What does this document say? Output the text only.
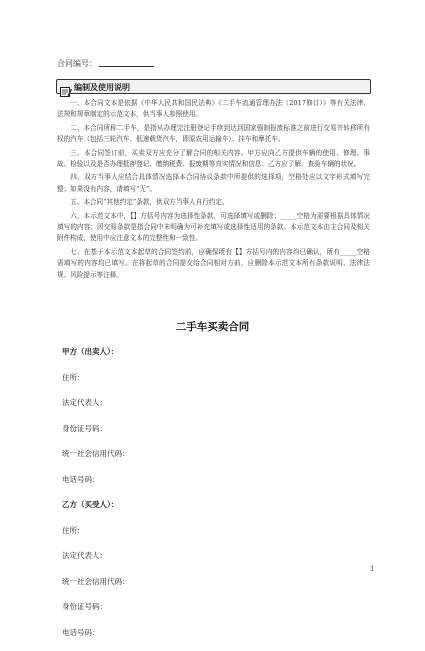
合同编号：
编制及使用说明

一、本合同文本是依据《中华人民共和国民法典》《二手车流通管理办法（2017修订）》等有关法律、法规和规章制定的示范文本，供当事人参照使用。

二、本合同所称二手车，是指从办理完注册登记手续到达到国家强制报废标准之前进行交易并转移所有权的汽车（包括三轮汽车、低速载货汽车，即原农用运输车）、挂车和摩托车。

三、本合同签订前，买卖双方应充分了解合同的相关内容。甲方应向乙方提供车辆的使用、修理、事故、检验以及是否办理抵押登记、缴纳税费、报废期等真实情况和信息；乙方应了解、查验车辆的状况。

四、双方当事人应结合具体情况选择本合同协议条款中所提供的选择项，空格处应以文字形式填写完整；如果没有内容，请填写“无”。

五、本合同“其他约定”条款，供双方当事人自行约定。

六、本示范文本中，【】方括号内容为选择性条款，可选择填写或删除；_____空格为需要根据具体情况填写的内容；因交易条款是指合同中未明确为可补充填写或选择性适用的条款。本示范文本由主合同及相关附件构成，使用中应注意文本的完整性和一致性。

七、在基于本示范文本起草的合同签约前，应确保所有【】方括号内的内容均已确认，所有_____空格需填写的内容均已填写。在将起草的合同提交给合同相对方前，应删除本示范文本所有条款说明、法律法规、风险提示等注释。

二手车买卖合同
甲方（出卖人）：
住所：
法定代表人：
身份证号码：
统一社会信用代码：
电话号码：
乙方（买受人）：
住所：
法定代表人：
统一社会信用代码：
身份证号码：
电话号码：
1
